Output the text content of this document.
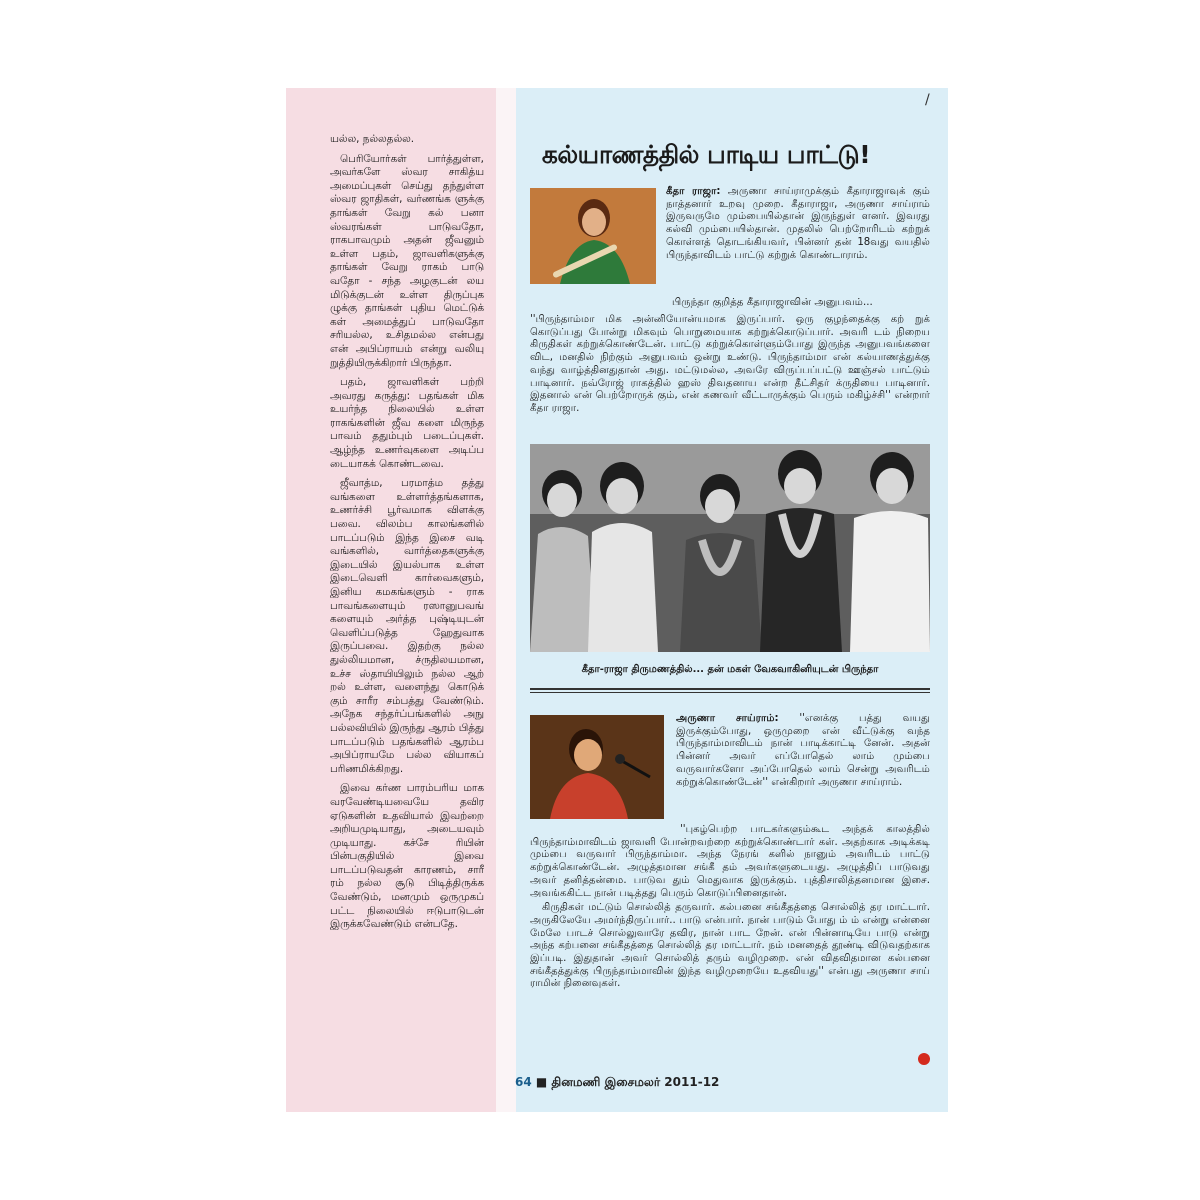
யல்ல, நல்லதல்ல.

பெரியோர்கள் பார்த்துள்ள, அவர்களே ஸ்வர சாகித்ய அமைப்புகள் செய்து தந்துள்ள ஸ்வர ஜாதிகள், வர்ணங்க ளுக்கு தாங்கள் வேறு கல் பனா ஸ்வரங்கள் பாடுவதோ, ராகபாவமும் அதன் ஜீவனும் உள்ள பதம், ஜாவளிகளுக்கு தாங்கள் வேறு ராகம் பாடு வதோ - சந்த அழகுடன் லய மிடுக்குடன் உள்ள திருப்புக ழுக்கு தாங்கள் புதிய மெட்டுக் கள் அமைத்துப் பாடுவதோ சரியல்ல, உசிதமல்ல என்பது என் அபிப்ராயம் என்று வலியு றுத்தியிருக்கிறார் பிருந்தா.

பதம், ஜாவளிகள் பற்றி அவரது கருத்து: பதங்கள் மிக உயர்ந்த நிலையில் உள்ள ராகங்களின் ஜீவ களை மிருந்த பாவம் ததும்பும் படைப்புகள். ஆழ்ந்த உணர்வுகளை அடிப்ப டையாகக் கொண்டவை.

ஜீவாத்ம, பரமாத்ம தத்து வங்களை உள்ளர்த்தங்களாக, உணர்ச்சி பூர்வமாக விளக்கு பவை. விலம்ப காலங்களில் பாடப்படும் இந்த இசை வடி வங்களில், வார்த்தைகளுக்கு இடையில் இயல்பாக உள்ள இடைவெளி கார்வைகளும், இனிய கமகங்களும் - ராக பாவங்களையும் ரஸானுபவங் களையும் அர்த்த புஷ்டியுடன் வெளிப்படுத்த ஹேதுவாக இருப்பவை. இதற்கு நல்ல துல்லியமான, ச்ருதிலயமான, உச்ச ஸ்தாயியிலும் நல்ல ஆற் றல் உள்ள, வளைந்து கொடுக் கும் சாரீர சம்பத்து வேண்டும். அநேக சந்தர்ப்பங்களில் அநு பல்லவியில் இருந்து ஆரம் பித்து பாடப்படும் பதங்களில் ஆரம்ப அபிப்ராயமே பல்ல வியாகப் பரிணமிக்கிறது.

இவை கர்ண பாரம்பரிய மாக வரவேண்டியவையே தவிர ஏடுகளின் உதவியால் இவற்றை அறியமுடியாது, அடையவும் முடியாது. கச்சே ரியின் பின்பகுதியில் இவை பாடப்படுவதன் காரணம், சாரீ ரம் நல்ல சூடு பிடித்திருக்க வேண்டும், மனமும் ஒருமுகப் பட்ட நிலையில் ஈடுபாடுடன் இருக்கவேண்டும் என்பதே.

/
கல்யாணத்தில் பாடிய பாட்டு!
கீதா ராஜா: அருணா சாய்ராமுக்கும் கீதாராஜாவுக் கும் நாத்தனார் உறவு முறை. கீதாராஜா, அருணா சாய்ராம் இருவருமே மும்பையில்தான் இருந்துள் ளனர். இவரது கல்வி மும்பையில்தான். முதலில் பெற்றோரிடம் கற்றுக் கொள்ளத் தொடங்கியவர், பின்னர் தன் 18வது வயதில் பிருந்தாவிடம் பாட்டு கற்றுக் கொண்டாராம்.
பிருந்தா குறித்த கீதாராஜாவின் அனுபவம்...
''பிருந்தாம்மா மிக அன்னியோன்யமாக இருப்பார். ஒரு குழந்தைக்கு கற் றுக் கொடுப்பது போன்று மிகவும் பொறுமையாக கற்றுக்கொடுப்பார். அவரி டம் நிறைய கிருதிகள் கற்றுக்கொண்டேன். பாட்டு கற்றுக்கொள்ளும்போது இருந்த அனுபவங்களை விட, மனதில் நிற்கும் அனுபவம் ஒன்று உண்டு. பிருந்தாம்மா என் கல்யாணத்துக்கு வந்து வாழ்த்தினதுதான் அது. மட்டுமல்ல, அவரே விருப்பப்பட்டு ஊஞ்சல் பாட்டும் பாடினார். நவ்ரோஜ் ராகத்தில் ஹஸ் திவதனாய என்ற தீட்சிதர் க்ருதியை பாடினார். இதனால் என் பெற்றோருக் கும், என் கணவர் வீட்டாருக்கும் பெரும் மகிழ்ச்சி'' என்றார் கீதா ராஜா.
கீதா-ராஜா திருமணத்தில்... தன் மகள் வேகவாகினியுடன் பிருந்தா
அருணா சாய்ராம்: ''எனக்கு பத்து வயது இருக்கும்போது, ஒருமுறை என் வீட்டுக்கு வந்த பிருந்தாம்மாவிடம் நான் பாடிக்காட்டி னேன். அதன் பின்னர் அவர் எப்போதெல் லாம் மும்பை வருவார்களோ அப்போதெல் லாம் சென்று அவரிடம் கற்றுக்கொண்டேன்'' என்கிறார் அருணா சாய்ராம்.
''புகழ்பெற்ற பாடகர்களும்கூட அந்தக் காலத்தில் பிருந்தாம்மாவிடம் ஜாவளி போன்றவற்றை கற்றுக்கொண்டார் கள். அதற்காக அடிக்கடி மும்பை வருவார் பிருந்தாம்மா. அந்த நேரங் களில் நானும் அவரிடம் பாட்டு கற்றுக்கொண்டேன். அழுத்தமான சங்கீ தம் அவர்களுடையது. அழுத்திப் பாடுவது அவர் தனித்தன்மை. பாடுவ தும் மெதுவாக இருக்கும். புத்திசாலித்தனமான இசை. அவங்ககிட்ட நான் படித்தது பெரும் கொடுப்பினைதான்.
கிருதிகள் மட்டும் சொல்லித் தருவார். கல்பனை சங்கீதத்தை சொல்லித் தர மாட்டார். அருகிலேயே அமர்ந்திருப்பார்.. பாடு என்பார். நான் பாடும் போது ம் ம் என்று என்னை மேலே பாடச் சொல்லுவாரே தவிர, நான் பாட றேன். என் பின்னாடியே பாடு என்று அந்த கற்பனை சங்கீதத்தை சொல்லித் தர மாட்டார். நம் மனதைத் தூண்டி விடுவதற்காக இப்படி. இதுதான் அவர் சொல்லித் தரும் வழிமுறை. என் விதவிதமான கல்பனை சங்கீதத்துக்கு பிருந்தாம்மாவின் இந்த வழிமுறையே உதவியது'' என்பது அருணா சாய் ராமின் நினைவுகள்.
64 ■ தினமணி இசைமலர் 2011-12
